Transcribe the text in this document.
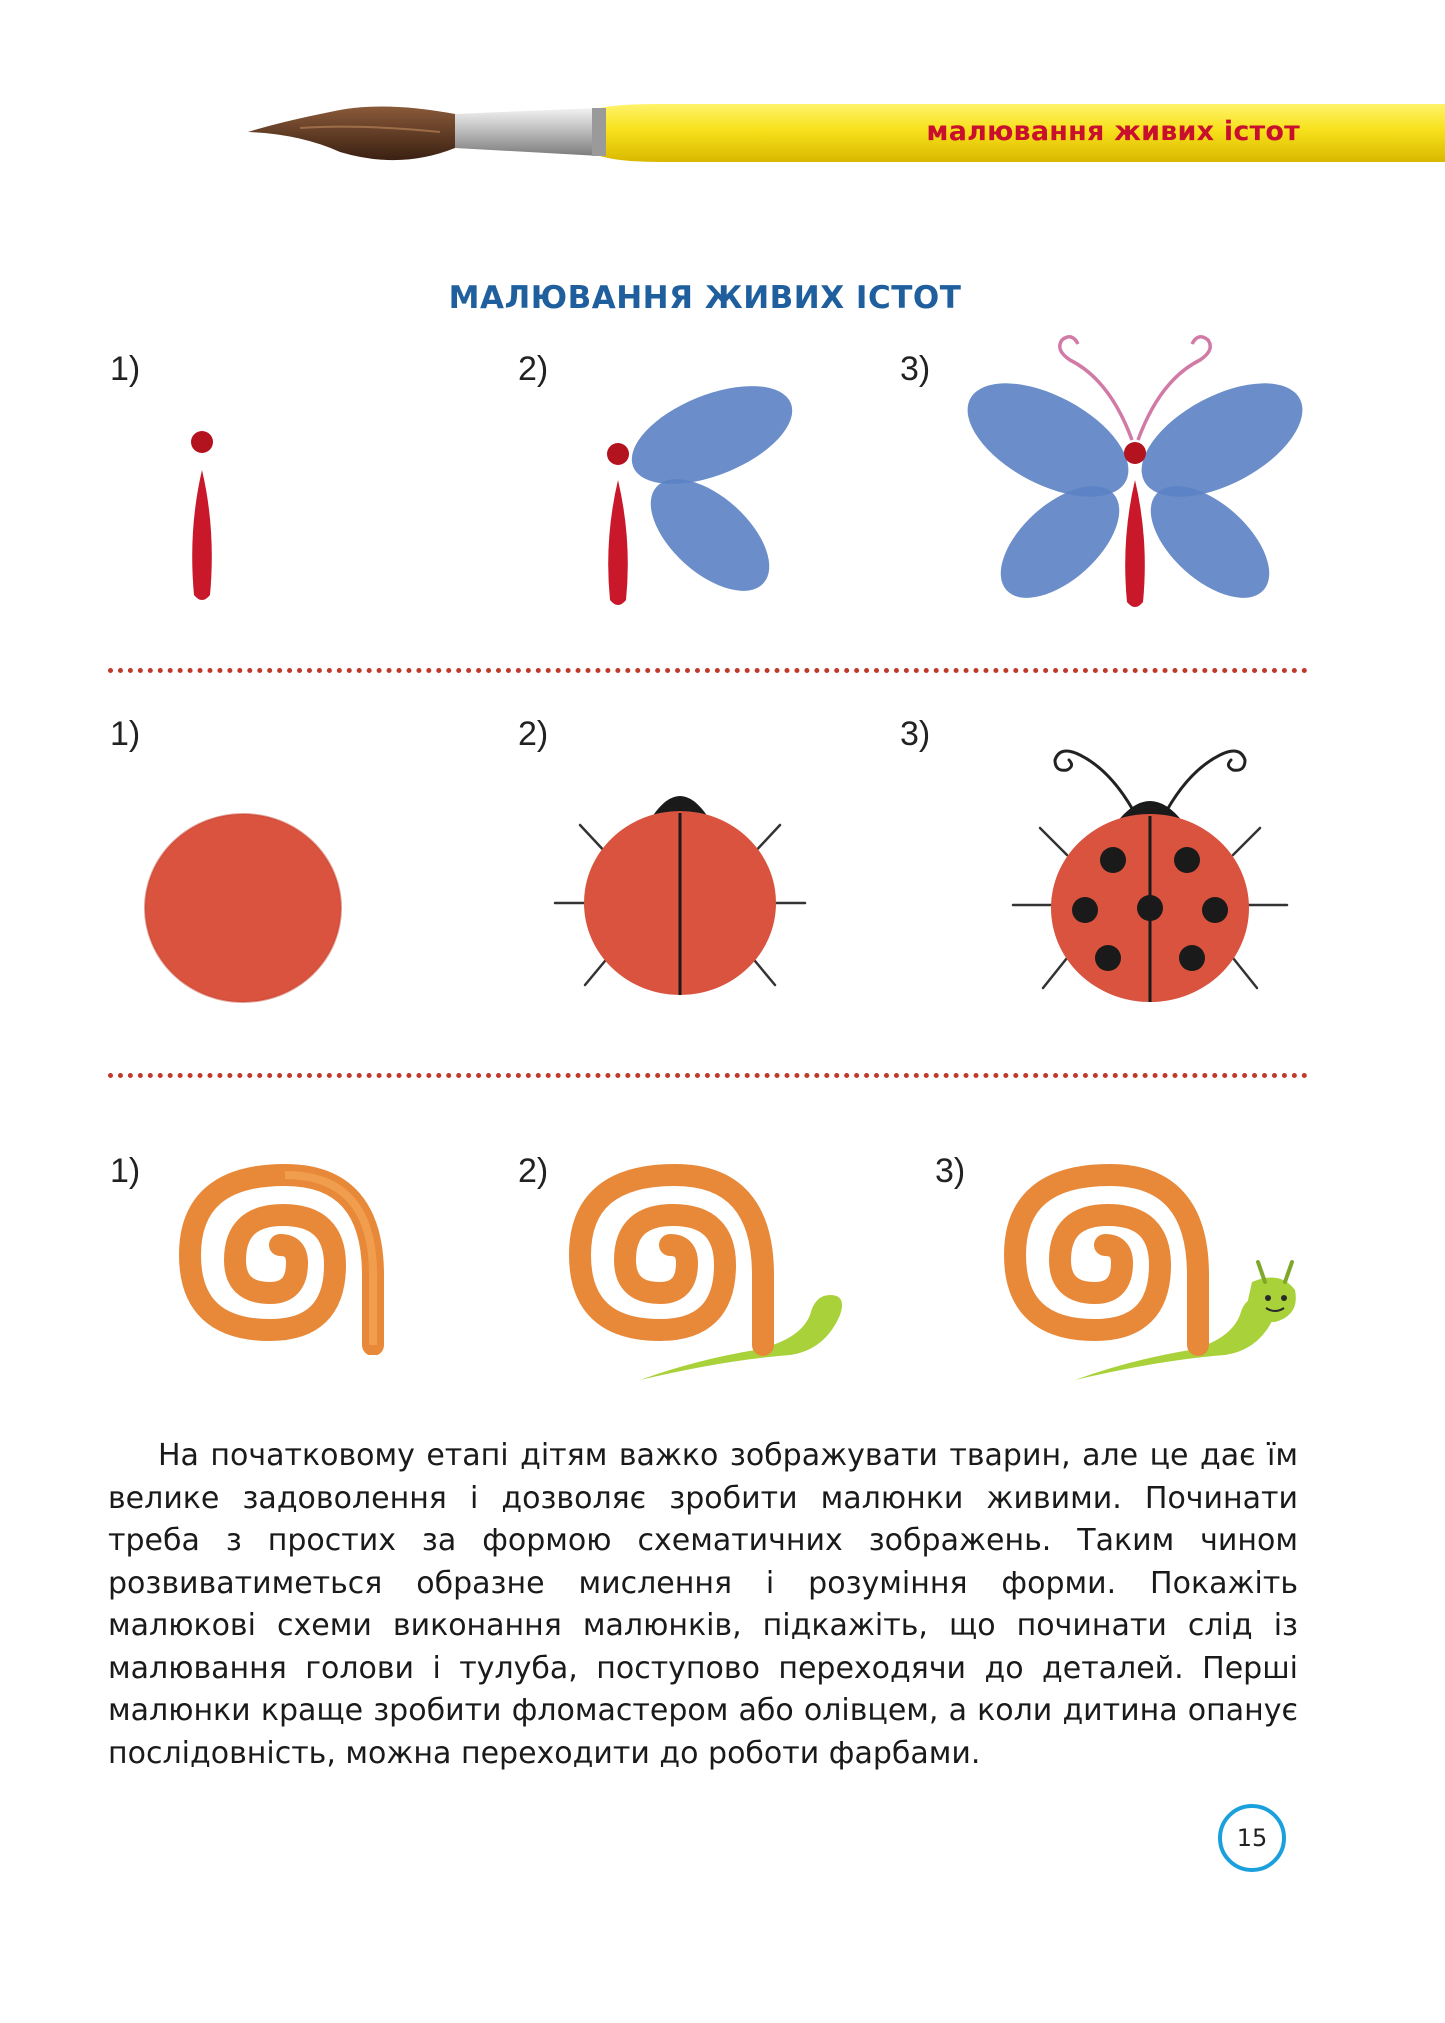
малювання живих істот
МАЛЮВАННЯ ЖИВИХ ІСТОТ
1)	2)	3)
1)	2)	3)
1)	2)	3)

На початковому етапі дітям важко зображувати тварин, але це дає їм велике задоволення і дозволяє зробити малюнки живими. Починати треба з простих за формою схематичних зображень. Таким чином розвиватиметься образне мислення і розуміння форми. Покажіть малюкові схеми виконання малюнків, підкажіть, що починати слід із малювання голови і тулуба, поступово переходячи до деталей. Перші малюнки краще зробити фломастером або олівцем, а коли дитина опанує послідовність, можна переходити до роботи фарбами.

15
